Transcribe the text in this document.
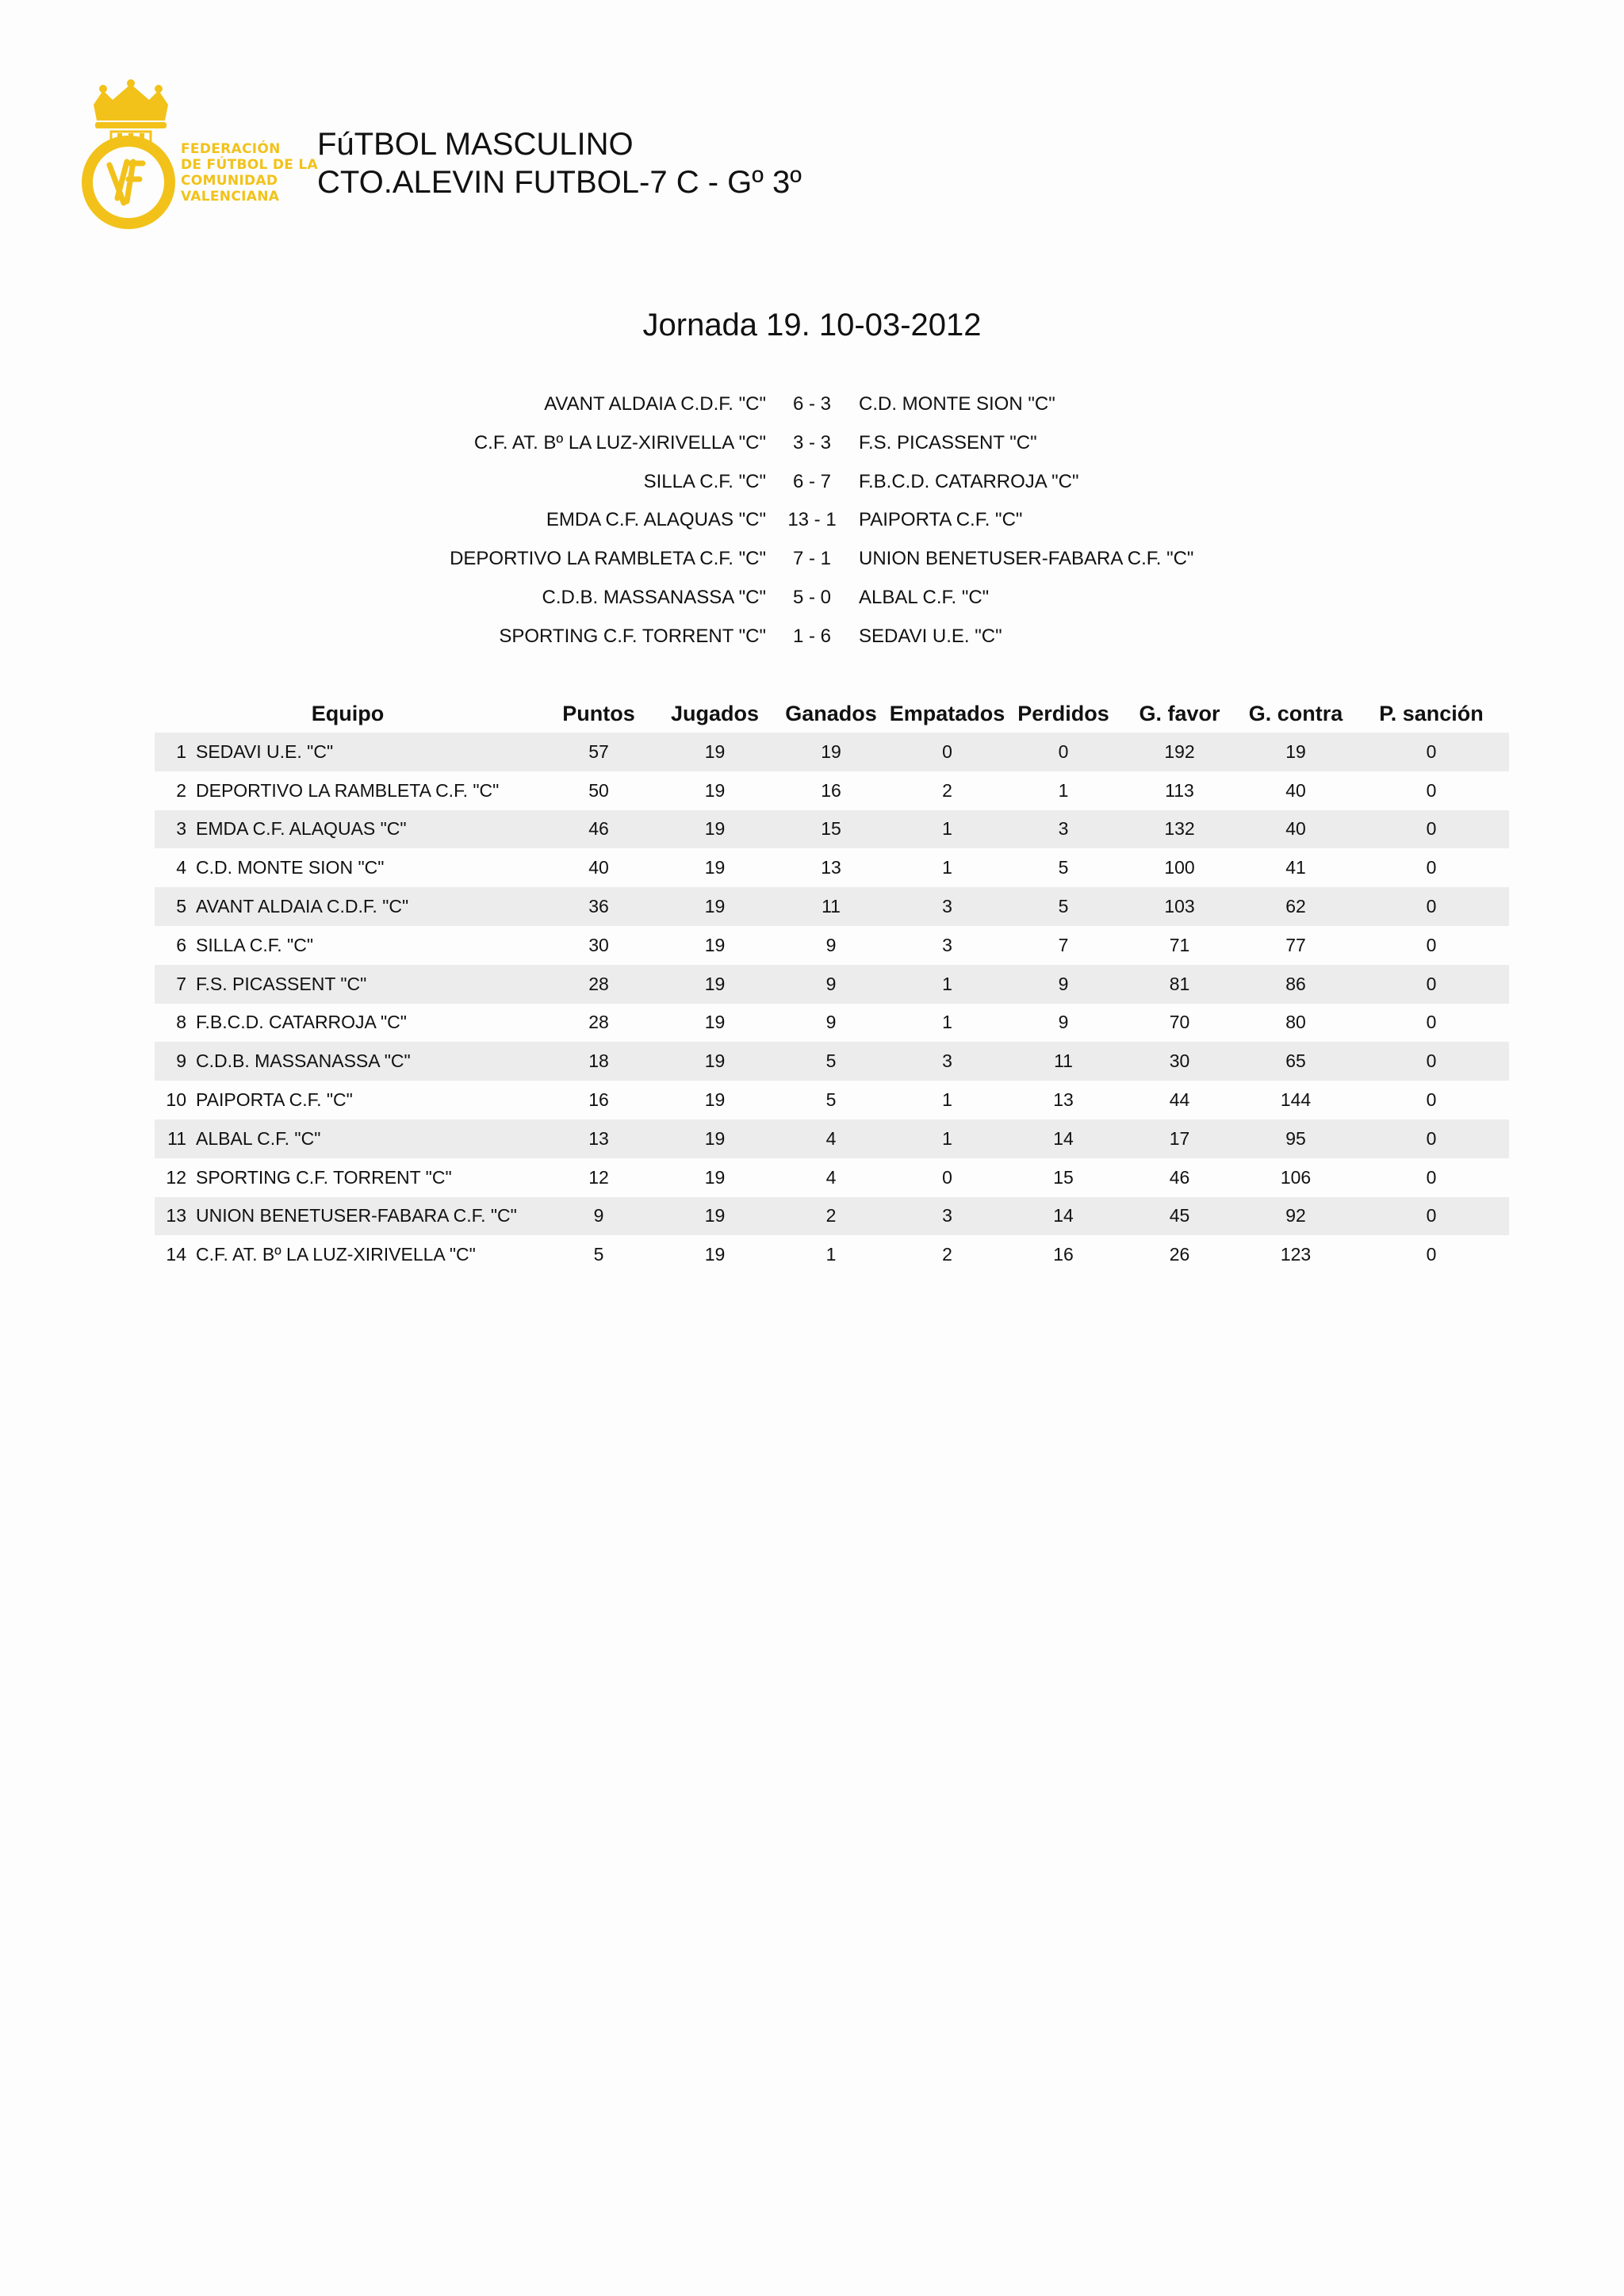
FEDERACIÓN
DE FÚTBOL DE LA
COMUNIDAD
VALENCIANA
FúTBOL MASCULINO
CTO.ALEVIN FUTBOL-7 C - Gº 3º
Jornada 19. 10-03-2012
AVANT ALDAIA C.D.F. "C"	6 - 3	C.D. MONTE SION "C"
C.F. AT. Bº LA LUZ-XIRIVELLA "C"	3 - 3	F.S. PICASSENT "C"
SILLA C.F. "C"	6 - 7	F.B.C.D. CATARROJA "C"
EMDA C.F. ALAQUAS "C"	13 - 1	PAIPORTA C.F. "C"
DEPORTIVO LA RAMBLETA C.F. "C"	7 - 1	UNION BENETUSER-FABARA C.F. "C"
C.D.B. MASSANASSA "C"	5 - 0	ALBAL C.F. "C"
SPORTING C.F. TORRENT "C"	1 - 6	SEDAVI U.E. "C"
Equipo		Puntos	Jugados	Ganados	Empatados	Perdidos	G. favor	G. contra	P. sanción
1	SEDAVI U.E. "C"	57	19	19	0	0	192	19	0
2	DEPORTIVO LA RAMBLETA C.F. "C"	50	19	16	2	1	113	40	0
3	EMDA C.F. ALAQUAS "C"	46	19	15	1	3	132	40	0
4	C.D. MONTE SION "C"	40	19	13	1	5	100	41	0
5	AVANT ALDAIA C.D.F. "C"	36	19	11	3	5	103	62	0
6	SILLA C.F. "C"	30	19	9	3	7	71	77	0
7	F.S. PICASSENT "C"	28	19	9	1	9	81	86	0
8	F.B.C.D. CATARROJA "C"	28	19	9	1	9	70	80	0
9	C.D.B. MASSANASSA "C"	18	19	5	3	11	30	65	0
10	PAIPORTA C.F. "C"	16	19	5	1	13	44	144	0
11	ALBAL C.F. "C"	13	19	4	1	14	17	95	0
12	SPORTING C.F. TORRENT "C"	12	19	4	0	15	46	106	0
13	UNION BENETUSER-FABARA C.F. "C"	9	19	2	3	14	45	92	0
14	C.F. AT. Bº LA LUZ-XIRIVELLA "C"	5	19	1	2	16	26	123	0
